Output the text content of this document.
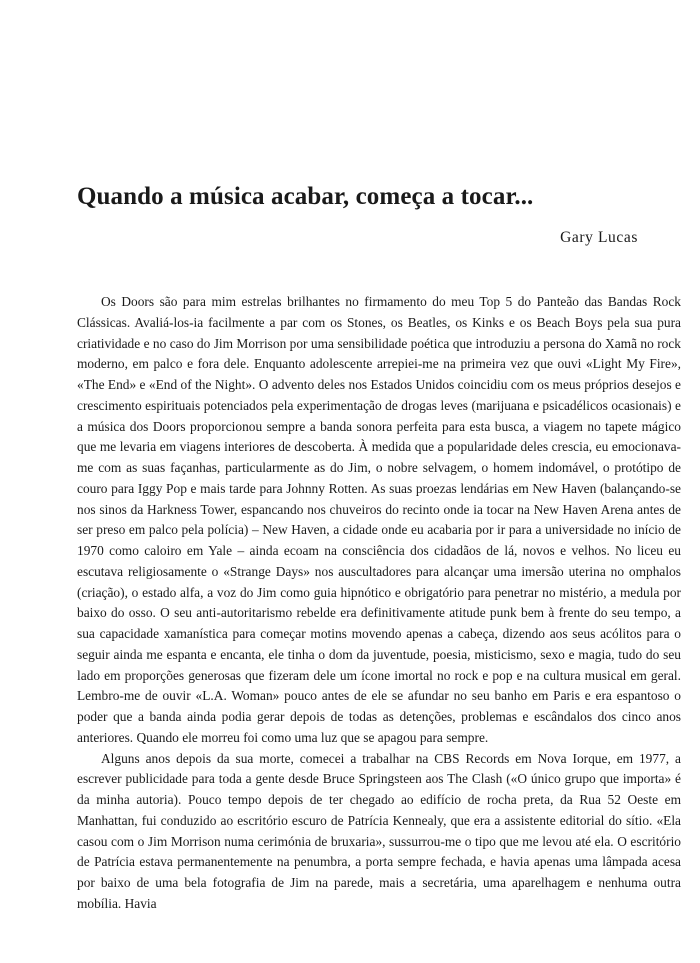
Quando a música acabar, começa a tocar...
Gary Lucas

Os Doors são para mim estrelas brilhantes no firmamento do meu Top 5 do Panteão das Bandas Rock Clássicas. Avaliá-los-ia facilmente a par com os Stones, os Beatles, os Kinks e os Beach Boys pela sua pura criatividade e no caso do Jim Morrison por uma sensibilidade poética que introduziu a persona do Xamã no rock moderno, em palco e fora dele. Enquanto adolescente arrepiei-me na primeira vez que ouvi «Light My Fire», «The End» e «End of the Night». O advento deles nos Estados Unidos coincidiu com os meus próprios desejos e crescimento espirituais potenciados pela experimentação de drogas leves (marijuana e psicadélicos ocasionais) e a música dos Doors proporcionou sempre a banda sonora perfeita para esta busca, a viagem no tapete mágico que me levaria em viagens interiores de descoberta. À medida que a popularidade deles crescia, eu emocionava-me com as suas façanhas, particularmente as do Jim, o nobre selvagem, o homem indomável, o protótipo de couro para Iggy Pop e mais tarde para Johnny Rotten. As suas proezas lendárias em New Haven (balançando-se nos sinos da Harkness Tower, espancando nos chuveiros do recinto onde ia tocar na New Haven Arena antes de ser preso em palco pela polícia) – New Haven, a cidade onde eu acabaria por ir para a universidade no início de 1970 como caloiro em Yale – ainda ecoam na consciência dos cidadãos de lá, novos e velhos. No liceu eu escutava religiosamente o «Strange Days» nos auscultadores para alcançar uma imersão uterina no omphalos (criação), o estado alfa, a voz do Jim como guia hipnótico e obrigatório para penetrar no mistério, a medula por baixo do osso. O seu anti-autoritarismo rebelde era definitivamente atitude punk bem à frente do seu tempo, a sua capacidade xamanística para começar motins movendo apenas a cabeça, dizendo aos seus acólitos para o seguir ainda me espanta e encanta, ele tinha o dom da juventude, poesia, misticismo, sexo e magia, tudo do seu lado em proporções generosas que fizeram dele um ícone imortal no rock e pop e na cultura musical em geral. Lembro-me de ouvir «L.A. Woman» pouco antes de ele se afundar no seu banho em Paris e era espantoso o poder que a banda ainda podia gerar depois de todas as detenções, problemas e escândalos dos cinco anos anteriores. Quando ele morreu foi como uma luz que se apagou para sempre.

Alguns anos depois da sua morte, comecei a trabalhar na CBS Records em Nova Iorque, em 1977, a escrever publicidade para toda a gente desde Bruce Springsteen aos The Clash («O único grupo que importa» é da minha autoria). Pouco tempo depois de ter chegado ao edifício de rocha preta, da Rua 52 Oeste em Manhattan, fui conduzido ao escritório escuro de Patrícia Kennealy, que era a assistente editorial do sítio. «Ela casou com o Jim Morrison numa cerimónia de bruxaria», sussurrou-me o tipo que me levou até ela. O escritório de Patrícia estava permanentemente na penumbra, a porta sempre fechada, e havia apenas uma lâmpada acesa por baixo de uma bela fotografia de Jim na parede, mais a secretária, uma aparelhagem e nenhuma outra mobília. Havia
